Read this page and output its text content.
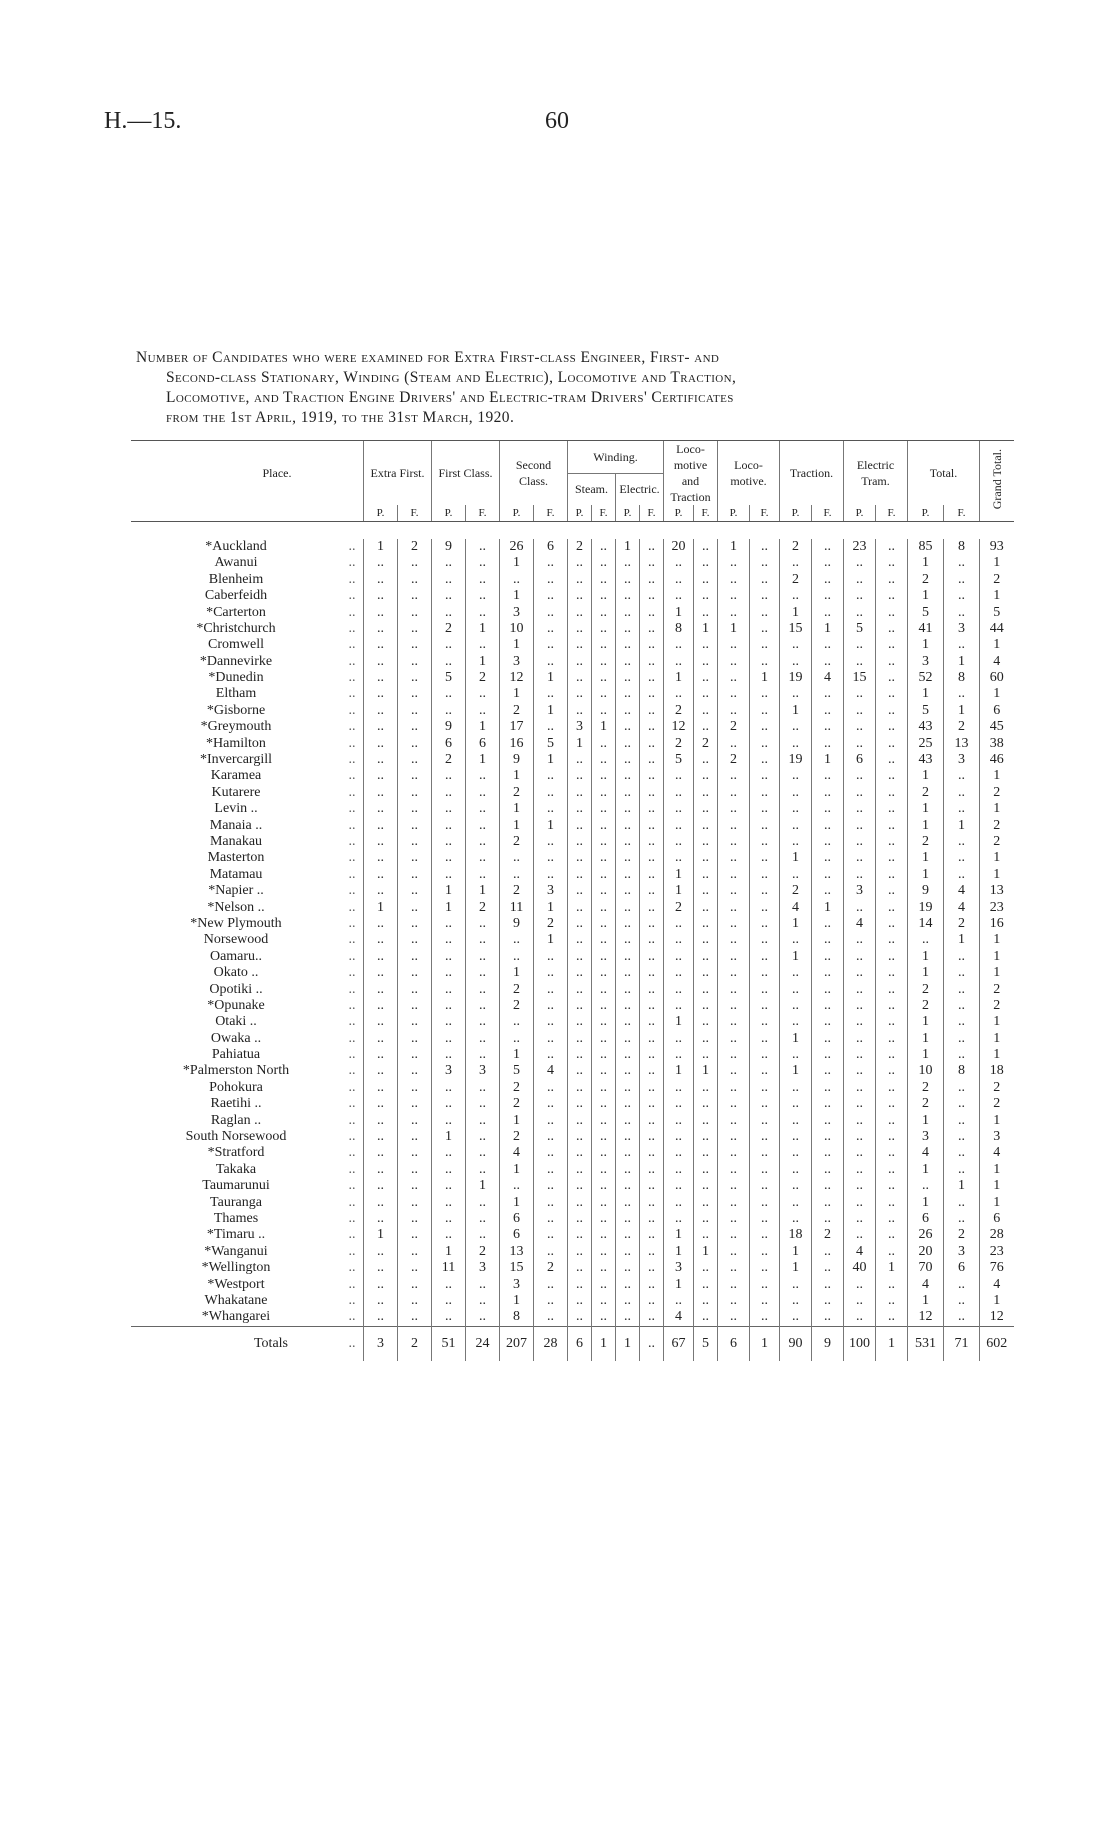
H.—15.	60
Number of Candidates who were examined for Extra First-class Engineer, First- and
Second-class Stationary, Winding (Steam and Electric), Locomotive and Traction,
Locomotive, and Traction Engine Drivers' and Electric-tram Drivers' Certificates
from the 1st April, 1919, to the 31st March, 1920.
Place.		Extra First.		First Class.		Second Class.		Winding.				Loco- motive and Traction		Loco- motive.		Traction.		Electric Tram.		Total.		Grand Total.
								Steam.		Electric.												
		P.	F.	P.	F.	P.	F.	P.	F.	P.	F.	P.	F.	P.	F.	P.	F.	P.	F.	P.	F.	

*Auckland	..	1	2	9	..	26	6	2	..	1	..	20	..	1	..	2	..	23	..	85	8	93
Awanui	..	..	..	..	..	1	..	..	..	..	..	..	..	..	..	..	..	..	..	1	..	1
Blenheim	..	..	..	..	..	..	..	..	..	..	..	..	..	..	..	2	..	..	..	2	..	2
Caberfeidh	..	..	..	..	..	1	..	..	..	..	..	..	..	..	..	..	..	..	..	1	..	1
*Carterton	..	..	..	..	..	3	..	..	..	..	..	1	..	..	..	1	..	..	..	5	..	5
*Christchurch	..	..	..	2	1	10	..	..	..	..	..	8	1	1	..	15	1	5	..	41	3	44
Cromwell	..	..	..	..	..	1	..	..	..	..	..	..	..	..	..	..	..	..	..	1	..	1
*Dannevirke	..	..	..	..	1	3	..	..	..	..	..	..	..	..	..	..	..	..	..	3	1	4
*Dunedin	..	..	..	5	2	12	1	..	..	..	..	1	..	..	1	19	4	15	..	52	8	60
Eltham	..	..	..	..	..	1	..	..	..	..	..	..	..	..	..	..	..	..	..	1	..	1
*Gisborne	..	..	..	..	..	2	1	..	..	..	..	2	..	..	..	1	..	..	..	5	1	6
*Greymouth	..	..	..	9	1	17	..	3	1	..	..	12	..	2	..	..	..	..	..	43	2	45
*Hamilton	..	..	..	6	6	16	5	1	..	..	..	2	2	..	..	..	..	..	..	25	13	38
*Invercargill	..	..	..	2	1	9	1	..	..	..	..	5	..	2	..	19	1	6	..	43	3	46
Karamea	..	..	..	..	..	1	..	..	..	..	..	..	..	..	..	..	..	..	..	1	..	1
Kutarere	..	..	..	..	..	2	..	..	..	..	..	..	..	..	..	..	..	..	..	2	..	2
Levin ..	..	..	..	..	..	1	..	..	..	..	..	..	..	..	..	..	..	..	..	1	..	1
Manaia ..	..	..	..	..	..	1	1	..	..	..	..	..	..	..	..	..	..	..	..	1	1	2
Manakau	..	..	..	..	..	2	..	..	..	..	..	..	..	..	..	..	..	..	..	2	..	2
Masterton	..	..	..	..	..	..	..	..	..	..	..	..	..	..	..	1	..	..	..	1	..	1
Matamau	..	..	..	..	..	..	..	..	..	..	..	1	..	..	..	..	..	..	..	1	..	1
*Napier ..	..	..	..	1	1	2	3	..	..	..	..	1	..	..	..	2	..	3	..	9	4	13
*Nelson ..	..	1	..	1	2	11	1	..	..	..	..	2	..	..	..	4	1	..	..	19	4	23
*New Plymouth	..	..	..	..	..	9	2	..	..	..	..	..	..	..	..	1	..	4	..	14	2	16
Norsewood	..	..	..	..	..	..	1	..	..	..	..	..	..	..	..	..	..	..	..	..	1	1
Oamaru..	..	..	..	..	..	..	..	..	..	..	..	..	..	..	..	1	..	..	..	1	..	1
Okato ..	..	..	..	..	..	1	..	..	..	..	..	..	..	..	..	..	..	..	..	1	..	1
Opotiki ..	..	..	..	..	..	2	..	..	..	..	..	..	..	..	..	..	..	..	..	2	..	2
*Opunake	..	..	..	..	..	2	..	..	..	..	..	..	..	..	..	..	..	..	..	2	..	2
Otaki ..	..	..	..	..	..	..	..	..	..	..	..	1	..	..	..	..	..	..	..	1	..	1
Owaka ..	..	..	..	..	..	..	..	..	..	..	..	..	..	..	..	1	..	..	..	1	..	1
Pahiatua	..	..	..	..	..	1	..	..	..	..	..	..	..	..	..	..	..	..	..	1	..	1
*Palmerston North	..	..	..	3	3	5	4	..	..	..	..	1	1	..	..	1	..	..	..	10	8	18
Pohokura	..	..	..	..	..	2	..	..	..	..	..	..	..	..	..	..	..	..	..	2	..	2
Raetihi ..	..	..	..	..	..	2	..	..	..	..	..	..	..	..	..	..	..	..	..	2	..	2
Raglan ..	..	..	..	..	..	1	..	..	..	..	..	..	..	..	..	..	..	..	..	1	..	1
South Norsewood	..	..	..	1	..	2	..	..	..	..	..	..	..	..	..	..	..	..	..	3	..	3
*Stratford	..	..	..	..	..	4	..	..	..	..	..	..	..	..	..	..	..	..	..	4	..	4
Takaka	..	..	..	..	..	1	..	..	..	..	..	..	..	..	..	..	..	..	..	1	..	1
Taumarunui	..	..	..	..	1	..	..	..	..	..	..	..	..	..	..	..	..	..	..	..	1	1
Tauranga	..	..	..	..	..	1	..	..	..	..	..	..	..	..	..	..	..	..	..	1	..	1
Thames	..	..	..	..	..	6	..	..	..	..	..	..	..	..	..	..	..	..	..	6	..	6
*Timaru ..	..	1	..	..	..	6	..	..	..	..	..	1	..	..	..	18	2	..	..	26	2	28
*Wanganui	..	..	..	1	2	13	..	..	..	..	..	1	1	..	..	1	..	4	..	20	3	23
*Wellington	..	..	..	11	3	15	2	..	..	..	..	3	..	..	..	1	..	40	1	70	6	76
*Westport	..	..	..	..	..	3	..	..	..	..	..	1	..	..	..	..	..	..	..	4	..	4
Whakatane	..	..	..	..	..	1	..	..	..	..	..	..	..	..	..	..	..	..	..	1	..	1
*Whangarei	..	..	..	..	..	8	..	..	..	..	..	4	..	..	..	..	..	..	..	12	..	12
Totals	..	3	2	51	24	207	28	6	1	1	..	67	5	6	1	90	9	100	1	531	71	602
